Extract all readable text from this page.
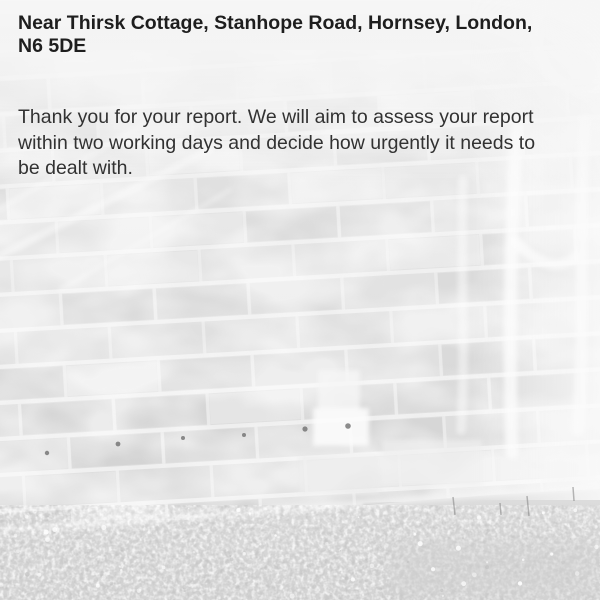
Near Thirsk Cottage, Stanhope Road, Hornsey, London,
N6 5DE

Thank you for your report. We will aim to assess your report
within two working days and decide how urgently it needs to
be dealt with.
